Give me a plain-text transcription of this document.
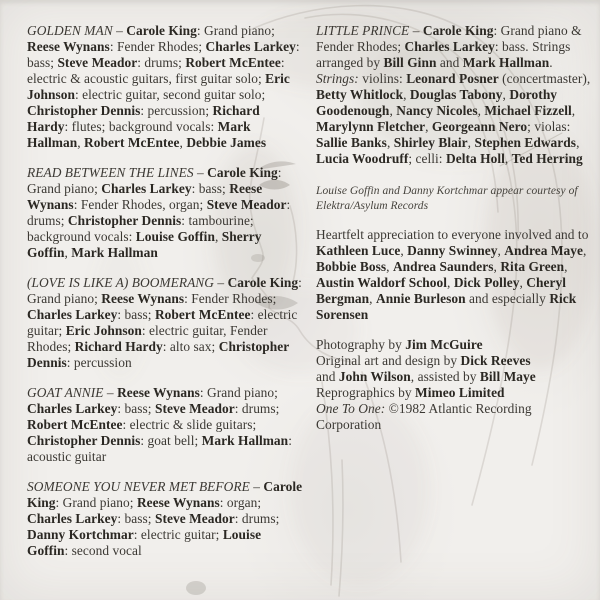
GOLDEN MAN – Carole King: Grand piano; Reese Wynans: Fender Rhodes; Charles Larkey: bass; Steve Meador: drums; Robert McEntee: electric & acoustic guitars, first guitar solo; Eric Johnson: electric guitar, second guitar solo; Christopher Dennis: percussion; Richard Hardy: flutes; background vocals: Mark Hallman, Robert McEntee, Debbie James

READ BETWEEN THE LINES – Carole King: Grand piano; Charles Larkey: bass; Reese Wynans: Fender Rhodes, organ; Steve Meador: drums; Christopher Dennis: tambourine; background vocals: Louise Goffin, Sherry Goffin, Mark Hallman

(LOVE IS LIKE A) BOOMERANG – Carole King: Grand piano; Reese Wynans: Fender Rhodes; Charles Larkey: bass; Robert McEntee: electric guitar; Eric Johnson: electric guitar, Fender Rhodes; Richard Hardy: alto sax; Christopher Dennis: percussion

GOAT ANNIE – Reese Wynans: Grand piano; Charles Larkey: bass; Steve Meador: drums; Robert McEntee: electric & slide guitars; Christopher Dennis: goat bell; Mark Hallman: acoustic guitar

SOMEONE YOU NEVER MET BEFORE – Carole King: Grand piano; Reese Wynans: organ; Charles Larkey: bass; Steve Meador: drums; Danny Kortchmar: electric guitar; Louise Goffin: second vocal

LITTLE PRINCE – Carole King: Grand piano & Fender Rhodes; Charles Larkey: bass. Strings arranged by Bill Ginn and Mark Hallman. Strings: violins: Leonard Posner (concertmaster), Betty Whitlock, Douglas Tabony, Dorothy Goodenough, Nancy Nicoles, Michael Fizzell, Marylynn Fletcher, Georgeann Nero; violas: Sallie Banks, Shirley Blair, Stephen Edwards, Lucia Woodruff; celli: Delta Holl, Ted Herring

Louise Goffin and Danny Kortchmar appear courtesy of
Elektra/Asylum Records

Heartfelt appreciation to everyone involved and to Kathleen Luce, Danny Swinney, Andrea Maye, Bobbie Boss, Andrea Saunders, Rita Green, Austin Waldorf School, Dick Polley, Cheryl Bergman, Annie Burleson and especially Rick Sorensen

Photography by Jim McGuire
Original art and design by Dick Reeves
and John Wilson, assisted by Bill Maye
Reprographics by Mimeo Limited
One To One: ©1982 Atlantic Recording Corporation
